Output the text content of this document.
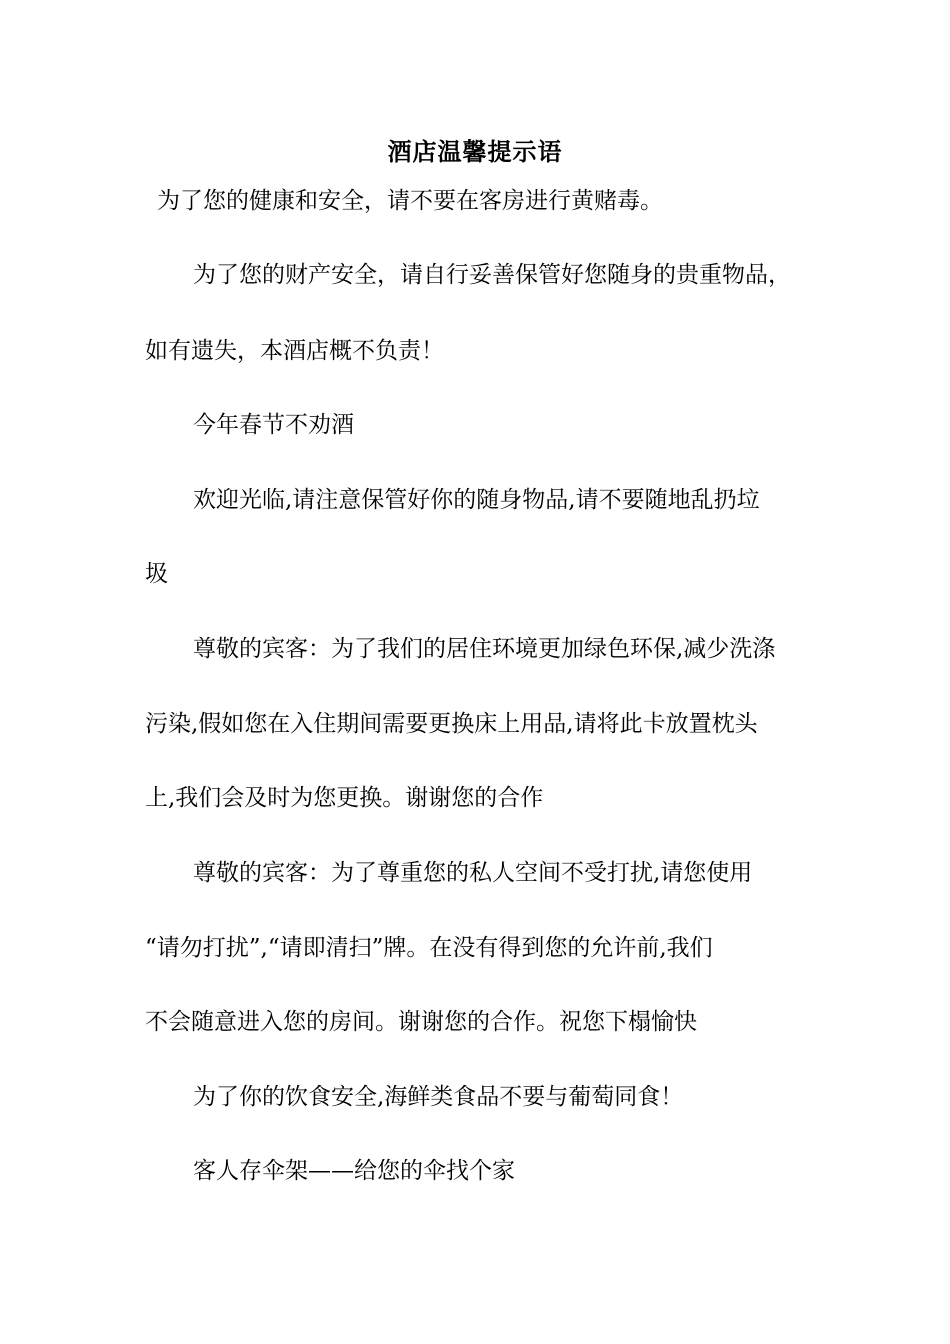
酒店温馨提示语
为了您的健康和安全，请不要在客房进行黄赌毒。
为了您的财产安全，请自行妥善保管好您随身的贵重物品，
如有遗失，本酒店概不负责！
今年春节不劝酒
欢迎光临,请注意保管好你的随身物品,请不要随地乱扔垃
圾
尊敬的宾客：为了我们的居住环境更加绿色环保,减少洗涤
污染,假如您在入住期间需要更换床上用品,请将此卡放置枕头
上,我们会及时为您更换。谢谢您的合作
尊敬的宾客：为了尊重您的私人空间不受打扰,请您使用
“请勿打扰”,“请即清扫”牌。在没有得到您的允许前,我们
不会随意进入您的房间。谢谢您的合作。祝您下榻愉快
为了你的饮食安全,海鲜类食品不要与葡萄同食！
客人存伞架——给您的伞找个家
